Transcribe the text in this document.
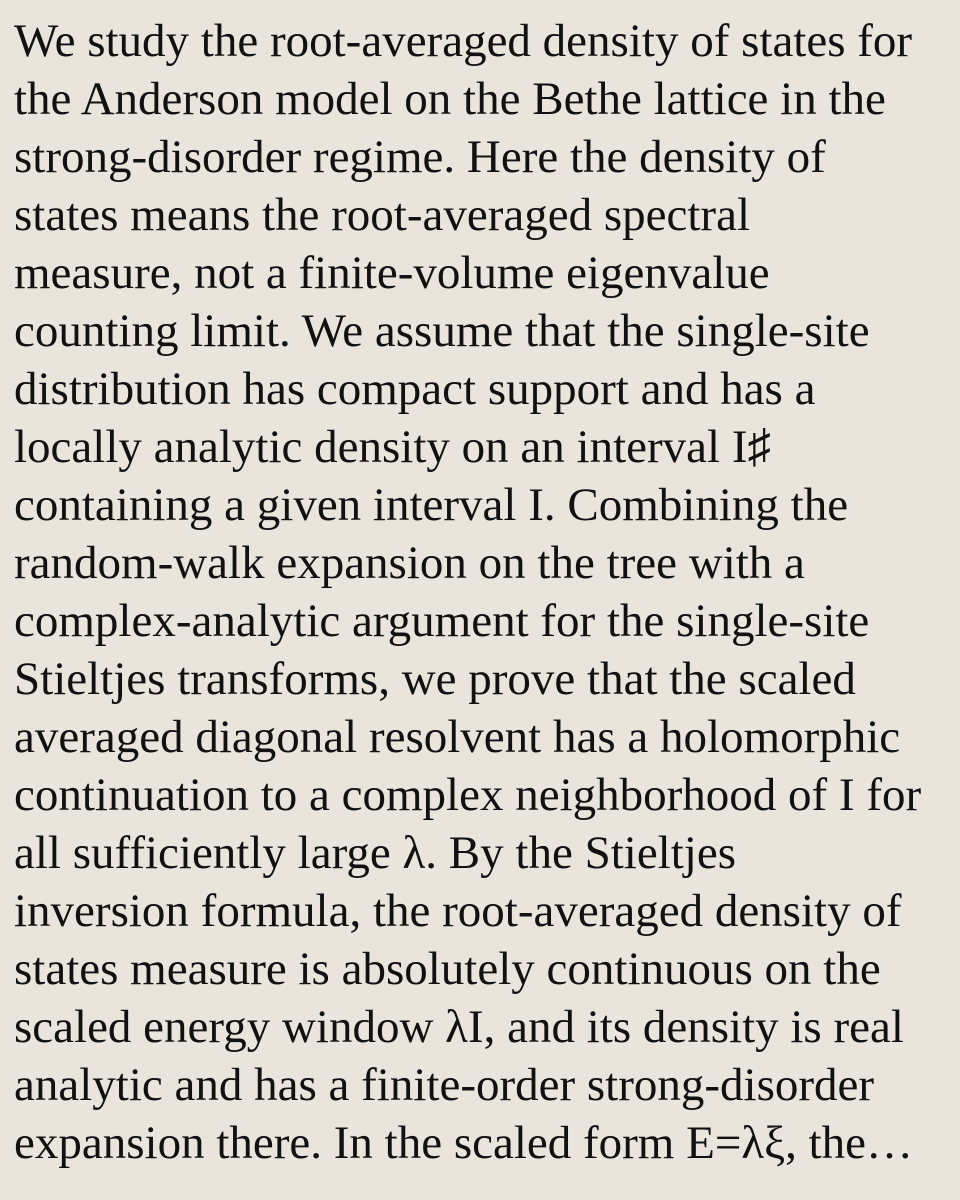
We study the root-averaged density of states for
the Anderson model on the Bethe lattice in the
strong-disorder regime. Here the density of
states means the root-averaged spectral
measure, not a finite-volume eigenvalue
counting limit. We assume that the single-site
distribution has compact support and has a
locally analytic density on an interval I♯
containing a given interval I. Combining the
random-walk expansion on the tree with a
complex-analytic argument for the single-site
Stieltjes transforms, we prove that the scaled
averaged diagonal resolvent has a holomorphic
continuation to a complex neighborhood of I for
all sufficiently large λ. By the Stieltjes
inversion formula, the root-averaged density of
states measure is absolutely continuous on the
scaled energy window λI, and its density is real
analytic and has a finite-order strong-disorder
expansion there. In the scaled form E=λξ, the…
